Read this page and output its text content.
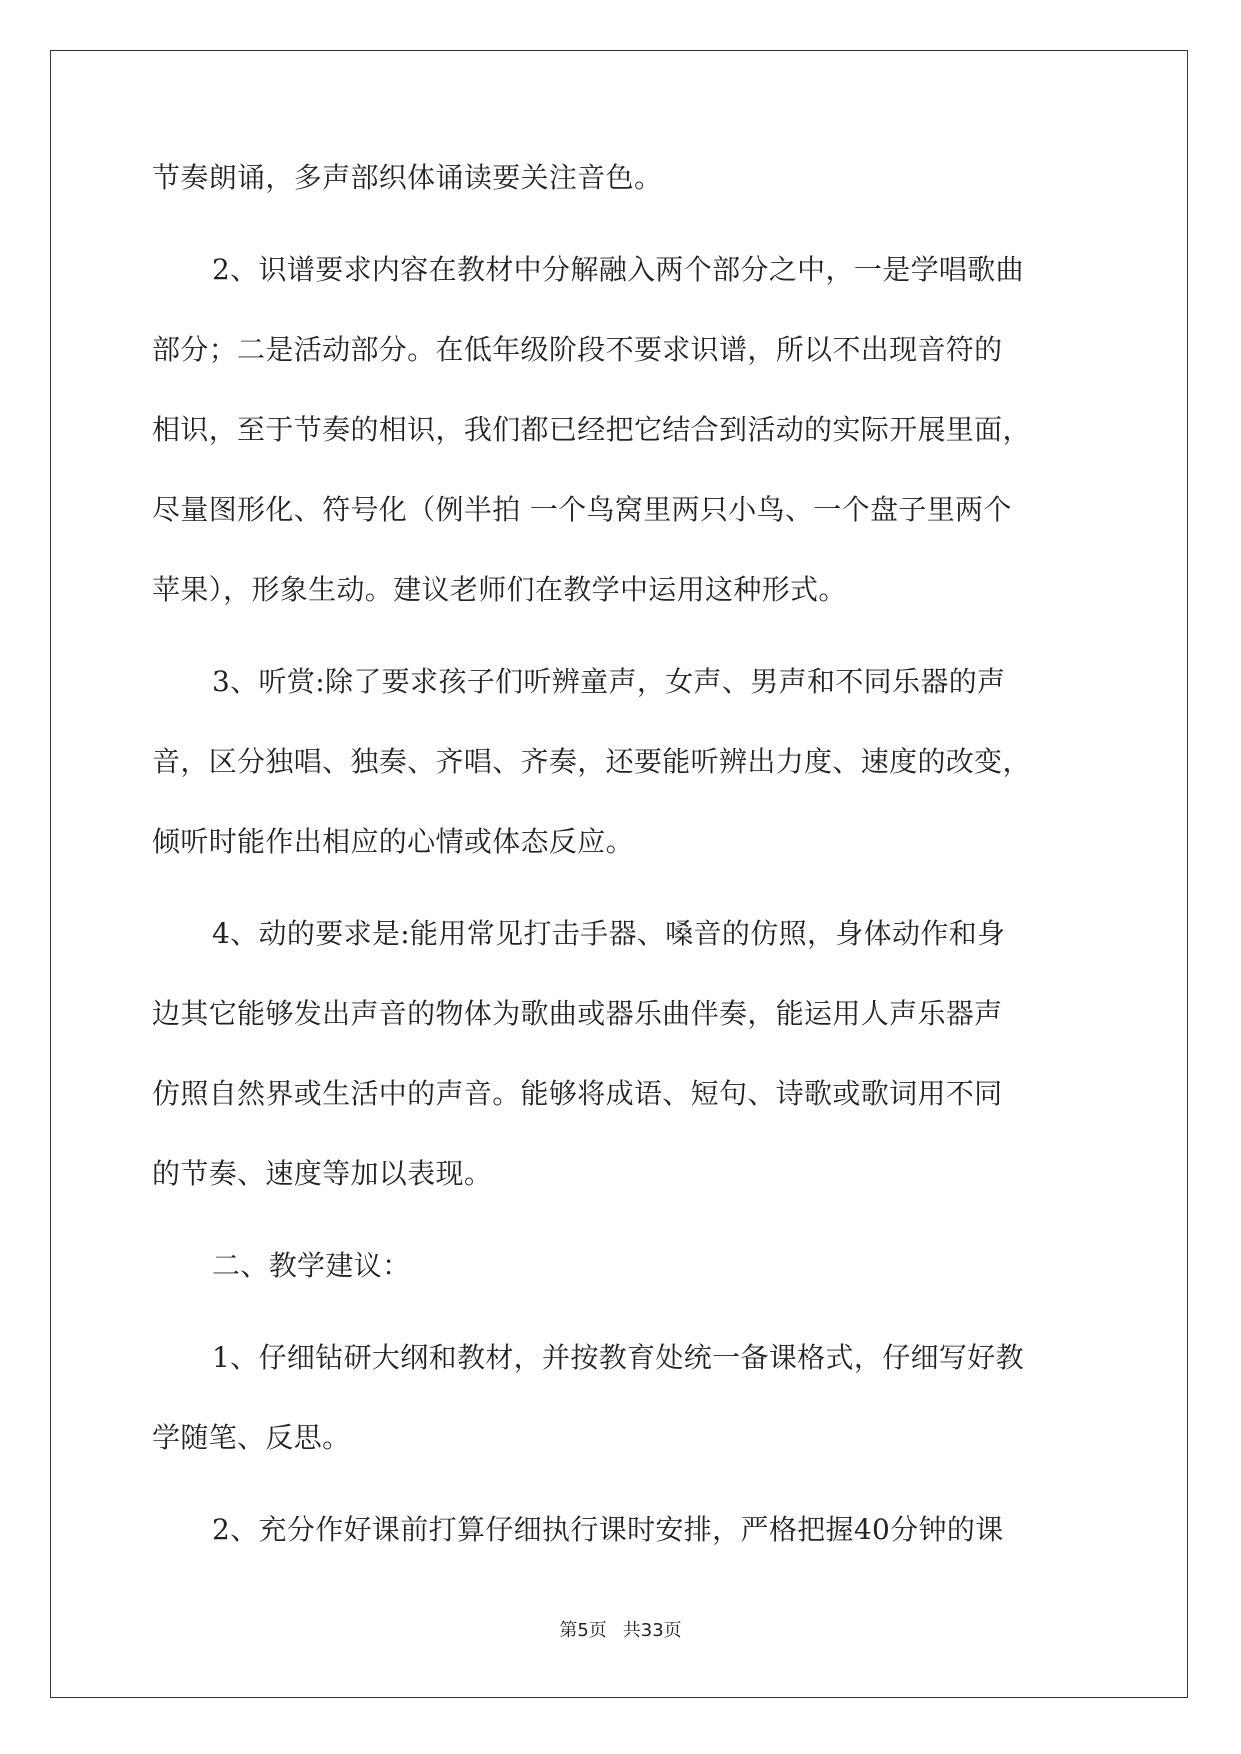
节奏朗诵，多声部织体诵读要关注音色。
2、识谱要求内容在教材中分解融入两个部分之中，一是学唱歌曲
部分；二是活动部分。在低年级阶段不要求识谱，所以不出现音符的
相识，至于节奏的相识，我们都已经把它结合到活动的实际开展里面，
尽量图形化、符号化（例半拍 一个鸟窝里两只小鸟、一个盘子里两个
苹果），形象生动。建议老师们在教学中运用这种形式。
3、听赏:除了要求孩子们听辨童声，女声、男声和不同乐器的声
音，区分独唱、独奏、齐唱、齐奏，还要能听辨出力度、速度的改变，
倾听时能作出相应的心情或体态反应。
4、动的要求是:能用常见打击手器、嗓音的仿照，身体动作和身
边其它能够发出声音的物体为歌曲或器乐曲伴奏，能运用人声乐器声
仿照自然界或生活中的声音。能够将成语、短句、诗歌或歌词用不同
的节奏、速度等加以表现。
二、教学建议：
1、仔细钻研大纲和教材，并按教育处统一备课格式，仔细写好教
学随笔、反思。
2、充分作好课前打算仔细执行课时安排，严格把握40分钟的课
第5页 共33页
